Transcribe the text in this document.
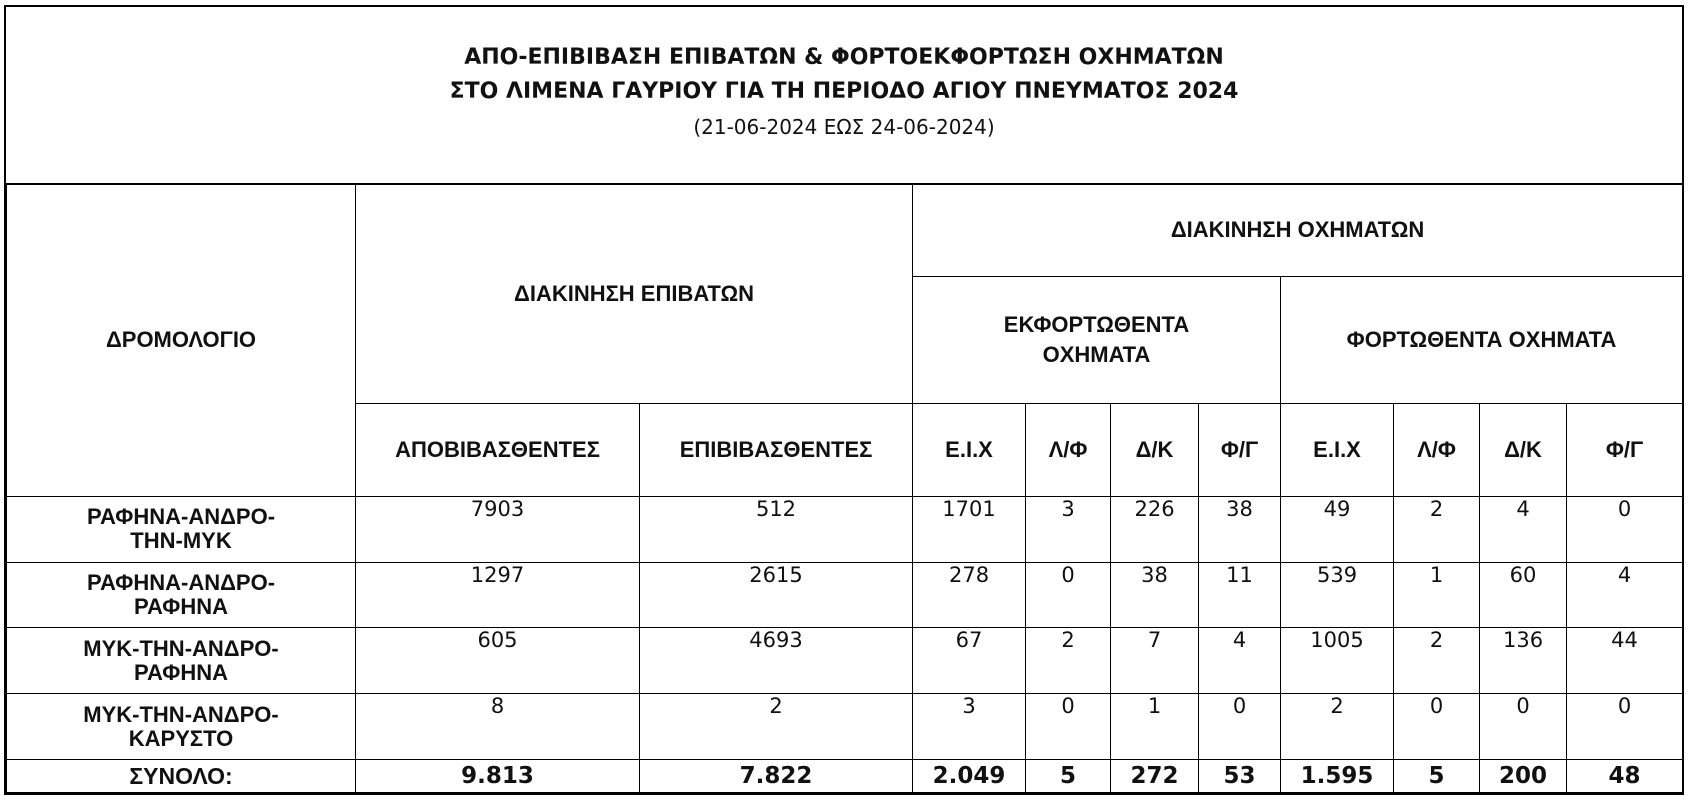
ΑΠΟ-ΕΠΙΒΙΒΑΣΗ ΕΠΙΒΑΤΩΝ & ΦΟΡΤΟΕΚΦΟΡΤΩΣΗ ΟΧΗΜΑΤΩΝ
ΣΤΟ ΛΙΜΕΝΑ ΓΑΥΡΙΟΥ ΓΙΑ ΤΗ ΠΕΡΙΟΔΟ ΑΓΙΟΥ ΠΝΕΥΜΑΤΟΣ 2024
(21-06-2024 ΕΩΣ 24-06-2024)
ΔΡΟΜΟΛΟΓΙΟ	ΔΙΑΚΙΝΗΣΗ ΕΠΙΒΑΤΩΝ		ΔΙΑΚΙΝΗΣΗ ΟΧΗΜΑΤΩΝ							

			ΕΚΦΟΡΤΩΘΕΝΤΑ ΟΧΗΜΑΤΑ				ΦΟΡΤΩΘΕΝΤΑ ΟΧΗΜΑΤΑ			
	ΑΠΟΒΙΒΑΣΘΕΝΤΕΣ	ΕΠΙΒΙΒΑΣΘΕΝΤΕΣ	Ε.Ι.Χ	Λ/Φ	Δ/Κ	Φ/Γ	Ε.Ι.Χ	Λ/Φ	Δ/Κ	Φ/Γ

ΡΑΦΗΝΑ-ΑΝΔΡΟ-ΤΗΝ-ΜΥΚ	7903	512	1701	3	226	38	49	2	4	0

ΡΑΦΗΝΑ-ΑΝΔΡΟ-ΡΑΦΗΝΑ	1297	2615	278	0	38	11	539	1	60	4

ΜΥΚ-ΤΗΝ-ΑΝΔΡΟ-ΡΑΦΗΝΑ	605	4693	67	2	7	4	1005	2	136	44

ΜΥΚ-ΤΗΝ-ΑΝΔΡΟ-ΚΑΡΥΣΤΟ	8	2	3	0	1	0	2	0	0	0
ΣΥΝΟΛΟ:	9.813	7.822	2.049	5	272	53	1.595	5	200	48
